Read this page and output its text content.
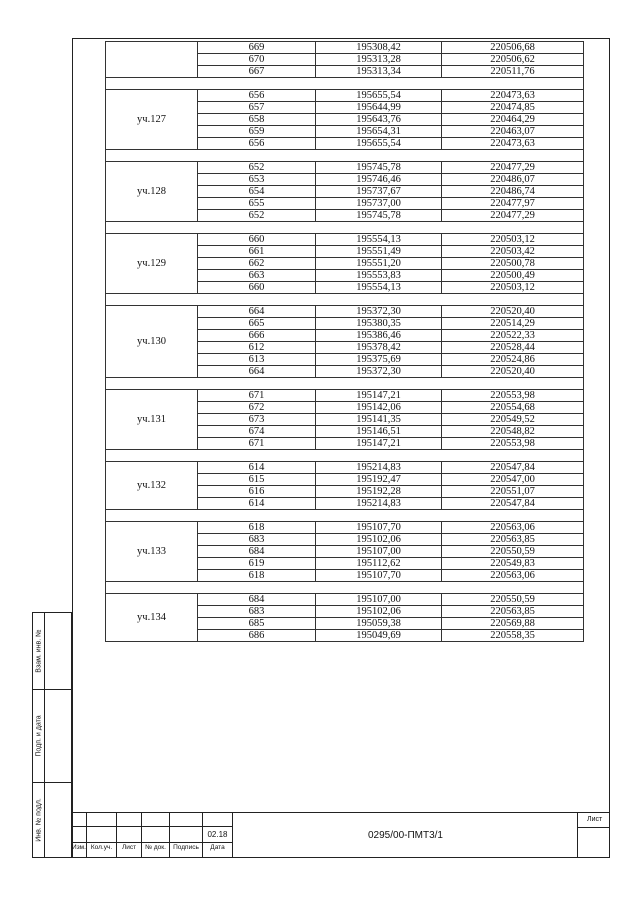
	669	195308,42	220506,68
	670	195313,28	220506,62
	667	195313,34	220511,76

уч.127	656	195655,54	220473,63
	657	195644,99	220474,85
	658	195643,76	220464,29
	659	195654,31	220463,07
	656	195655,54	220473,63

уч.128	652	195745,78	220477,29
	653	195746,46	220486,07
	654	195737,67	220486,74
	655	195737,00	220477,97
	652	195745,78	220477,29

уч.129	660	195554,13	220503,12
	661	195551,49	220503,42
	662	195551,20	220500,78
	663	195553,83	220500,49
	660	195554,13	220503,12

уч.130	664	195372,30	220520,40
	665	195380,35	220514,29
	666	195386,46	220522,33
	612	195378,42	220528,44
	613	195375,69	220524,86
	664	195372,30	220520,40

уч.131	671	195147,21	220553,98
	672	195142,06	220554,68
	673	195141,35	220549,52
	674	195146,51	220548,82
	671	195147,21	220553,98

уч.132	614	195214,83	220547,84
	615	195192,47	220547,00
	616	195192,28	220551,07
	614	195214,83	220547,84

уч.133	618	195107,70	220563,06
	683	195102,06	220563,85
	684	195107,00	220550,59
	619	195112,62	220549,83
	618	195107,70	220563,06

уч.134	684	195107,00	220550,59
	683	195102,06	220563,85
	685	195059,38	220569,88
	686	195049,69	220558,35
Взам. инв. №
Подп. и дата
Инв. № подл.	02.18
Изм. Кол.уч.	Лист	№ док.	Подпись	Дата
0295/00-ПМТ3/1
Лист
